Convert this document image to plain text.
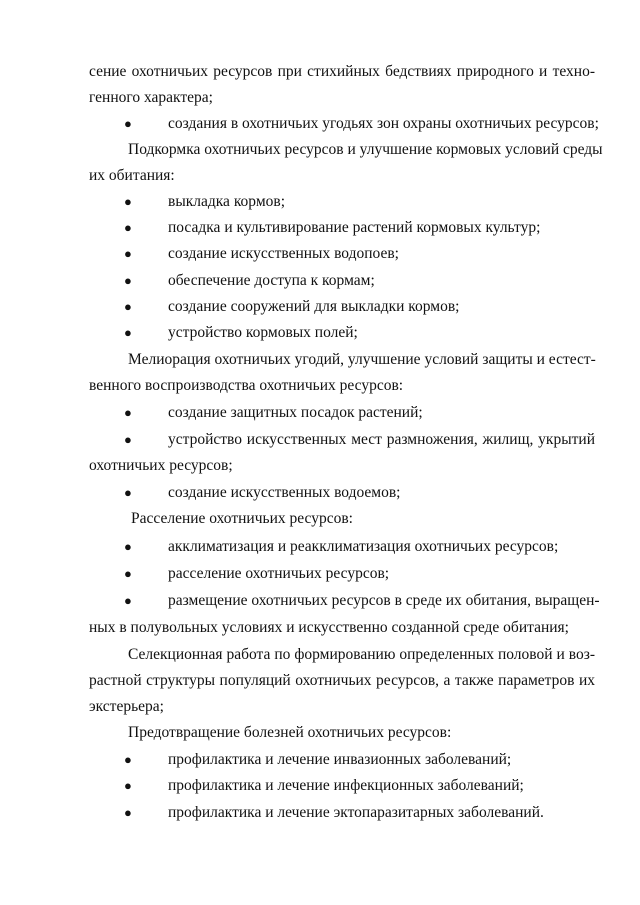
сение охотничьих ресурсов при стихийных бедствиях природного и техно-
генного характера;
● создания в охотничьих угодьях зон охраны охотничьих ресурсов;
Подкормка охотничьих ресурсов и улучшение кормовых условий среды
их обитания:
● выкладка кормов;
● посадка и культивирование растений кормовых культур;
● создание искусственных водопоев;
● обеспечение доступа к кормам;
● создание сооружений для выкладки кормов;
● устройство кормовых полей;
Мелиорация охотничьих угодий, улучшение условий защиты и естест-
венного воспроизводства охотничьих ресурсов:
● создание защитных посадок растений;
● устройство искусственных мест размножения, жилищ, укрытий
охотничьих ресурсов;
● создание искусственных водоемов;
Расселение охотничьих ресурсов:
● акклиматизация и реакклиматизация охотничьих ресурсов;
● расселение охотничьих ресурсов;
● размещение охотничьих ресурсов в среде их обитания, выращен-
ных в полувольных условиях и искусственно созданной среде обитания;
Селекционная работа по формированию определенных половой и воз-
растной структуры популяций охотничьих ресурсов, а также параметров их
экстерьера;
Предотвращение болезней охотничьих ресурсов:
● профилактика и лечение инвазионных заболеваний;
● профилактика и лечение инфекционных заболеваний;
● профилактика и лечение эктопаразитарных заболеваний.
